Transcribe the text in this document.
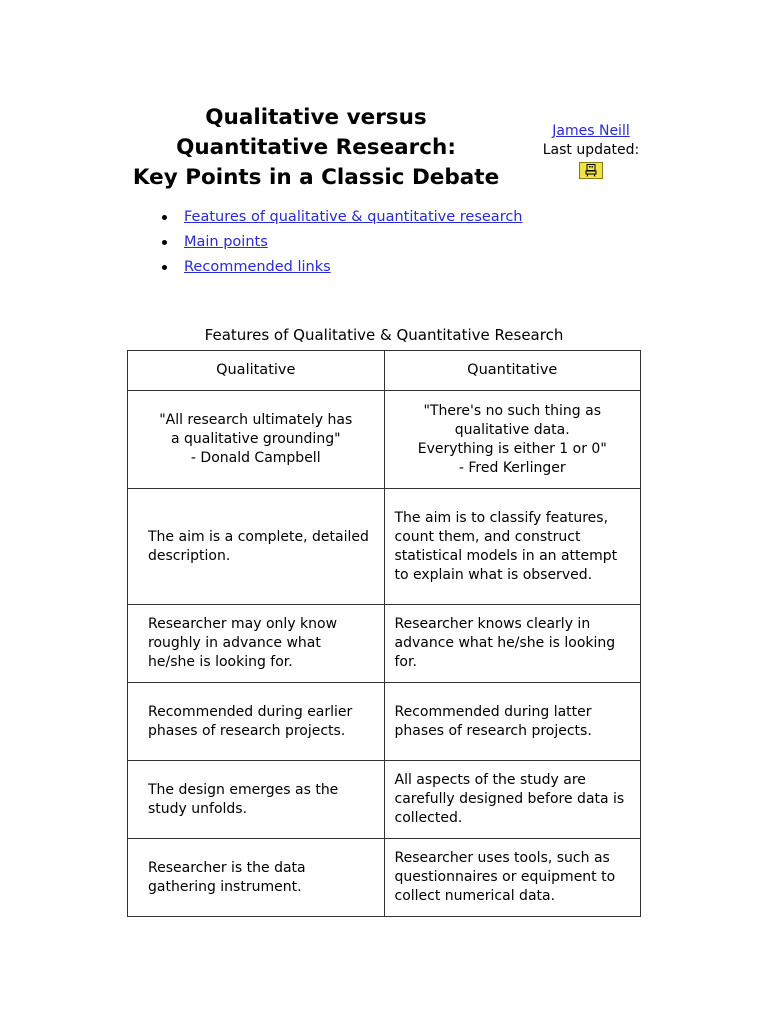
Qualitative versus
Quantitative Research:
Key Points in a Classic Debate
James Neill
Last updated:
Features of qualitative & quantitative research
Main points
Recommended links
Features of Qualitative & Quantitative Research
Qualitative	Quantitative

"All research ultimately has
a qualitative grounding"
- Donald Campbell	"There's no such thing as
qualitative data.
Everything is either 1 or 0"
- Fred Kerlinger

The aim is a complete, detailed description.	The aim is to classify features, count them, and construct statistical models in an attempt to explain what is observed.
Researcher may only know roughly in advance what he/she is looking for.	Researcher knows clearly in advance what he/she is looking for.
Recommended during earlier phases of research projects.	Recommended during latter phases of research projects.
The design emerges as the study unfolds.	All aspects of the study are carefully designed before data is collected.
Researcher is the data gathering instrument.	Researcher uses tools, such as questionnaires or equipment to collect numerical data.
